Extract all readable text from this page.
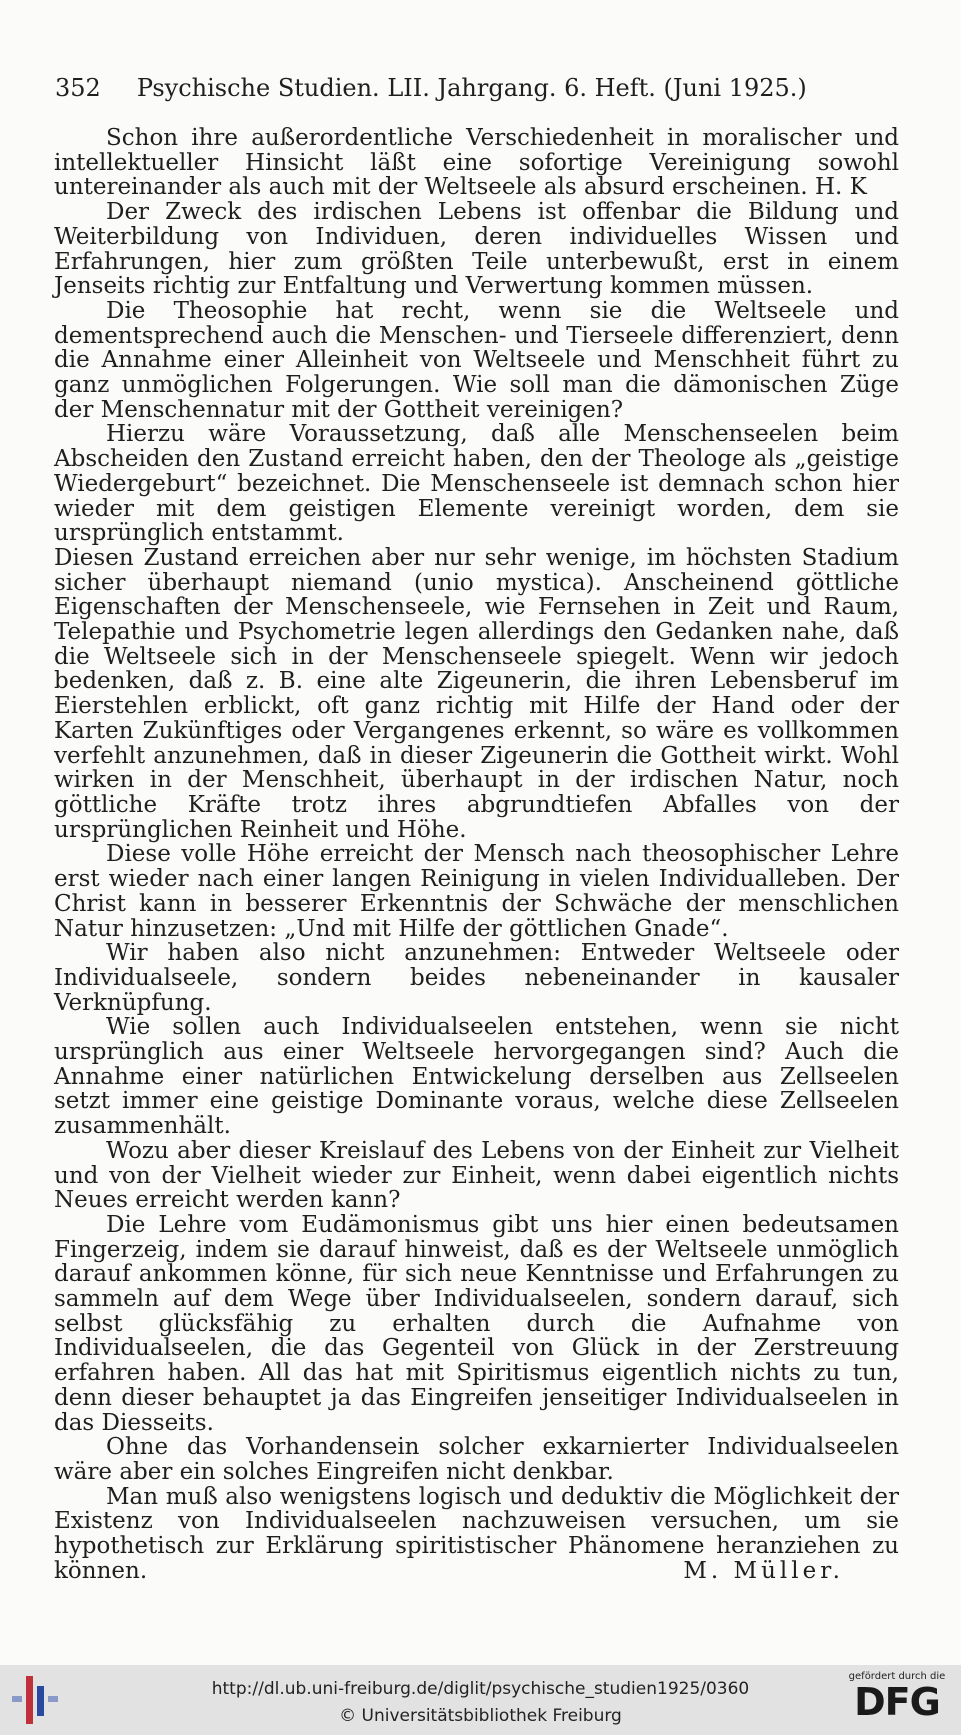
352 Psychische Studien. LII. Jahrgang. 6. Heft. (Juni 1925.)

Schon ihre außerordentliche Verschiedenheit in moralischer und intellektueller Hinsicht läßt eine sofortige Vereinigung sowohl untereinander als auch mit der Weltseele als absurd erscheinen. H. K

Der Zweck des irdischen Lebens ist offenbar die Bildung und Weiterbildung von Individuen, deren individuelles Wissen und Erfahrungen, hier zum größten Teile unterbewußt, erst in einem Jenseits richtig zur Entfaltung und Verwertung kommen müssen.

Die Theosophie hat recht, wenn sie die Weltseele und dementsprechend auch die Menschen- und Tierseele differenziert, denn die Annahme einer Alleinheit von Weltseele und Menschheit führt zu ganz unmöglichen Folgerungen. Wie soll man die dämonischen Züge der Menschennatur mit der Gottheit vereinigen?

Hierzu wäre Voraussetzung, daß alle Menschenseelen beim Abscheiden den Zustand erreicht haben, den der Theologe als „geistige Wiedergeburt“ bezeichnet. Die Menschenseele ist demnach schon hier wieder mit dem geistigen Elemente vereinigt worden, dem sie ursprünglich entstammt.

Diesen Zustand erreichen aber nur sehr wenige, im höchsten Stadium sicher überhaupt niemand (unio mystica). Anscheinend göttliche Eigenschaften der Menschenseele, wie Fernsehen in Zeit und Raum, Telepathie und Psychometrie legen allerdings den Gedanken nahe, daß die Weltseele sich in der Menschenseele spiegelt. Wenn wir jedoch bedenken, daß z. B. eine alte Zigeunerin, die ihren Lebensberuf im Eierstehlen erblickt, oft ganz richtig mit Hilfe der Hand oder der Karten Zukünftiges oder Vergangenes erkennt, so wäre es vollkommen verfehlt anzunehmen, daß in dieser Zigeunerin die Gottheit wirkt. Wohl wirken in der Menschheit, überhaupt in der irdischen Natur, noch göttliche Kräfte trotz ihres abgrundtiefen Abfalles von der ursprünglichen Reinheit und Höhe.

Diese volle Höhe erreicht der Mensch nach theosophischer Lehre erst wieder nach einer langen Reinigung in vielen Individualleben. Der Christ kann in besserer Erkenntnis der Schwäche der menschlichen Natur hinzusetzen: „Und mit Hilfe der göttlichen Gnade“.

Wir haben also nicht anzunehmen: Entweder Weltseele oder Individualseele, sondern beides nebeneinander in kausaler Verknüpfung.

Wie sollen auch Individualseelen entstehen, wenn sie nicht ursprünglich aus einer Weltseele hervorgegangen sind? Auch die Annahme einer natürlichen Entwickelung derselben aus Zellseelen setzt immer eine geistige Dominante voraus, welche diese Zellseelen zusammenhält.

Wozu aber dieser Kreislauf des Lebens von der Einheit zur Vielheit und von der Vielheit wieder zur Einheit, wenn dabei eigentlich nichts Neues erreicht werden kann?

Die Lehre vom Eudämonismus gibt uns hier einen bedeutsamen Fingerzeig, indem sie darauf hinweist, daß es der Weltseele unmöglich darauf ankommen könne, für sich neue Kenntnisse und Erfahrungen zu sammeln auf dem Wege über Individualseelen, sondern darauf, sich selbst glücksfähig zu erhalten durch die Aufnahme von Individualseelen, die das Gegenteil von Glück in der Zerstreuung erfahren haben. All das hat mit Spiritismus eigentlich nichts zu tun, denn dieser behauptet ja das Eingreifen jenseitiger Individualseelen in das Diesseits.

Ohne das Vorhandensein solcher exkarnierter Individualseelen wäre aber ein solches Eingreifen nicht denkbar.

Man muß also wenigstens logisch und deduktiv die Möglichkeit der Existenz von Individualseelen nachzuweisen versuchen, um sie hypothetisch zur Erklärung spiritistischer Phänomene heranziehen zu können.	M. Müller.
http://dl.ub.uni-freiburg.de/diglit/psychische_studien1925/0360
© Universitätsbibliothek Freiburg
gefördert durch die
DFG
